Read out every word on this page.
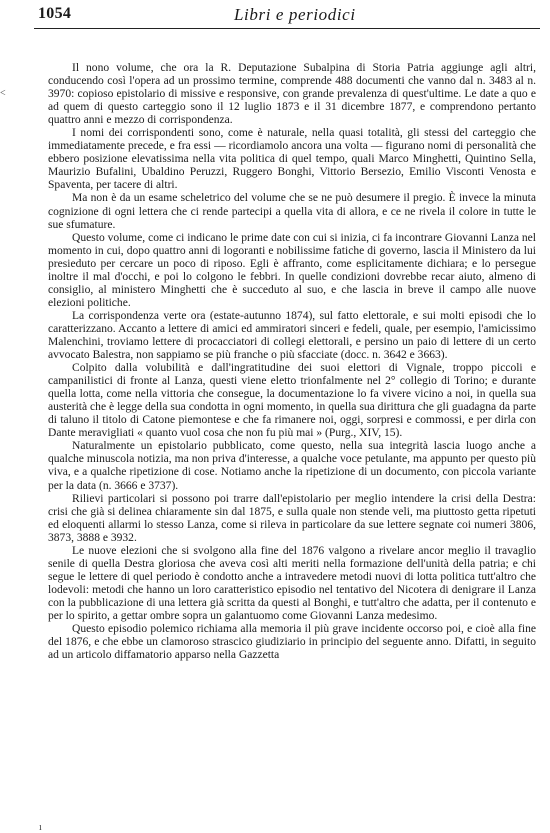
1054	Libri e periodici
˂

Il nono volume, che ora la R. Deputazione Subalpina di Storia Patria aggiunge agli altri, conducendo così l'opera ad un prossimo termine, comprende 488 documenti che vanno dal n. 3483 al n. 3970: copioso epistolario di missive e responsive, con grande prevalenza di quest'ultime. Le date a quo e ad quem di questo carteggio sono il 12 luglio 1873 e il 31 dicembre 1877, e comprendono pertanto quattro anni e mezzo di corrispondenza.

I nomi dei corrispondenti sono, come è naturale, nella quasi totalità, gli stessi del carteggio che immediatamente precede, e fra essi — ricordiamolo ancora una volta — figurano nomi di personalità che ebbero posizione elevatissima nella vita politica di quel tempo, quali Marco Minghetti, Quintino Sella, Maurizio Bufalini, Ubaldino Peruzzi, Ruggero Bonghi, Vittorio Bersezio, Emilio Visconti Venosta e Spaventa, per tacere di altri.

Ma non è da un esame scheletrico del volume che se ne può desumere il pregio. È invece la minuta cognizione di ogni lettera che ci rende partecipi a quella vita di allora, e ce ne rivela il colore in tutte le sue sfumature.

Questo volume, come ci indicano le prime date con cui si inizia, ci fa incontrare Giovanni Lanza nel momento in cui, dopo quattro anni di logoranti e nobilissime fatiche di governo, lascia il Ministero da lui presieduto per cercare un poco di riposo. Egli è affranto, come esplicitamente dichiara; e lo persegue inoltre il mal d'occhi, e poi lo colgono le febbri. In quelle condizioni dovrebbe recar aiuto, almeno di consiglio, al ministero Minghetti che è succeduto al suo, e che lascia in breve il campo alle nuove elezioni politiche.

La corrispondenza verte ora (estate-autunno 1874), sul fatto elettorale, e sui molti episodi che lo caratterizzano. Accanto a lettere di amici ed ammiratori sinceri e fedeli, quale, per esempio, l'amicissimo Malenchini, troviamo lettere di procacciatori di collegi elettorali, e persino un paio di lettere di un certo avvocato Balestra, non sappiamo se più franche o più sfacciate (docc. n. 3642 e 3663).

Colpito dalla volubilità e dall'ingratitudine dei suoi elettori di Vignale, troppo piccoli e campanilistici di fronte al Lanza, questi viene eletto trionfalmente nel 2° collegio di Torino; e durante quella lotta, come nella vittoria che consegue, la documentazione lo fa vivere vicino a noi, in quella sua austerità che è legge della sua condotta in ogni momento, in quella sua dirittura che gli guadagna da parte di taluno il titolo di Catone piemontese e che fa rimanere noi, oggi, sorpresi e commossi, e per dirla con Dante meravigliati « quanto vuol cosa che non fu più mai » (Purg., XIV, 15).

Naturalmente un epistolario pubblicato, come questo, nella sua integrità lascia luogo anche a qualche minuscola notizia, ma non priva d'interesse, a qualche voce petulante, ma appunto per questo più viva, e a qualche ripetizione di cose. Notiamo anche la ripetizione di un documento, con piccola variante per la data (n. 3666 e 3737).

Rilievi particolari si possono poi trarre dall'epistolario per meglio intendere la crisi della Destra: crisi che già si delinea chiaramente sin dal 1875, e sulla quale non stende veli, ma piuttosto getta ripetuti ed eloquenti allarmi lo stesso Lanza, come si rileva in particolare da sue lettere segnate coi numeri 3806, 3873, 3888 e 3932.

Le nuove elezioni che si svolgono alla fine del 1876 valgono a rivelare ancor meglio il travaglio senile di quella Destra gloriosa che aveva così alti meriti nella formazione dell'unità della patria; e chi segue le lettere di quel periodo è condotto anche a intravedere metodi nuovi di lotta politica tutt'altro che lodevoli: metodi che hanno un loro caratteristico episodio nel tentativo del Nicotera di denigrare il Lanza con la pubblicazione di una lettera già scritta da questi al Bonghi, e tutt'altro che adatta, per il contenuto e per lo spirito, a gettar ombre sopra un galantuomo come Giovanni Lanza medesimo.

Questo episodio polemico richiama alla memoria il più grave incidente occorso poi, e cioè alla fine del 1876, e che ebbe un clamoroso strascico giudiziario in principio del seguente anno. Difatti, in seguito ad un articolo diffamatorio apparso nella Gazzetta

ı
